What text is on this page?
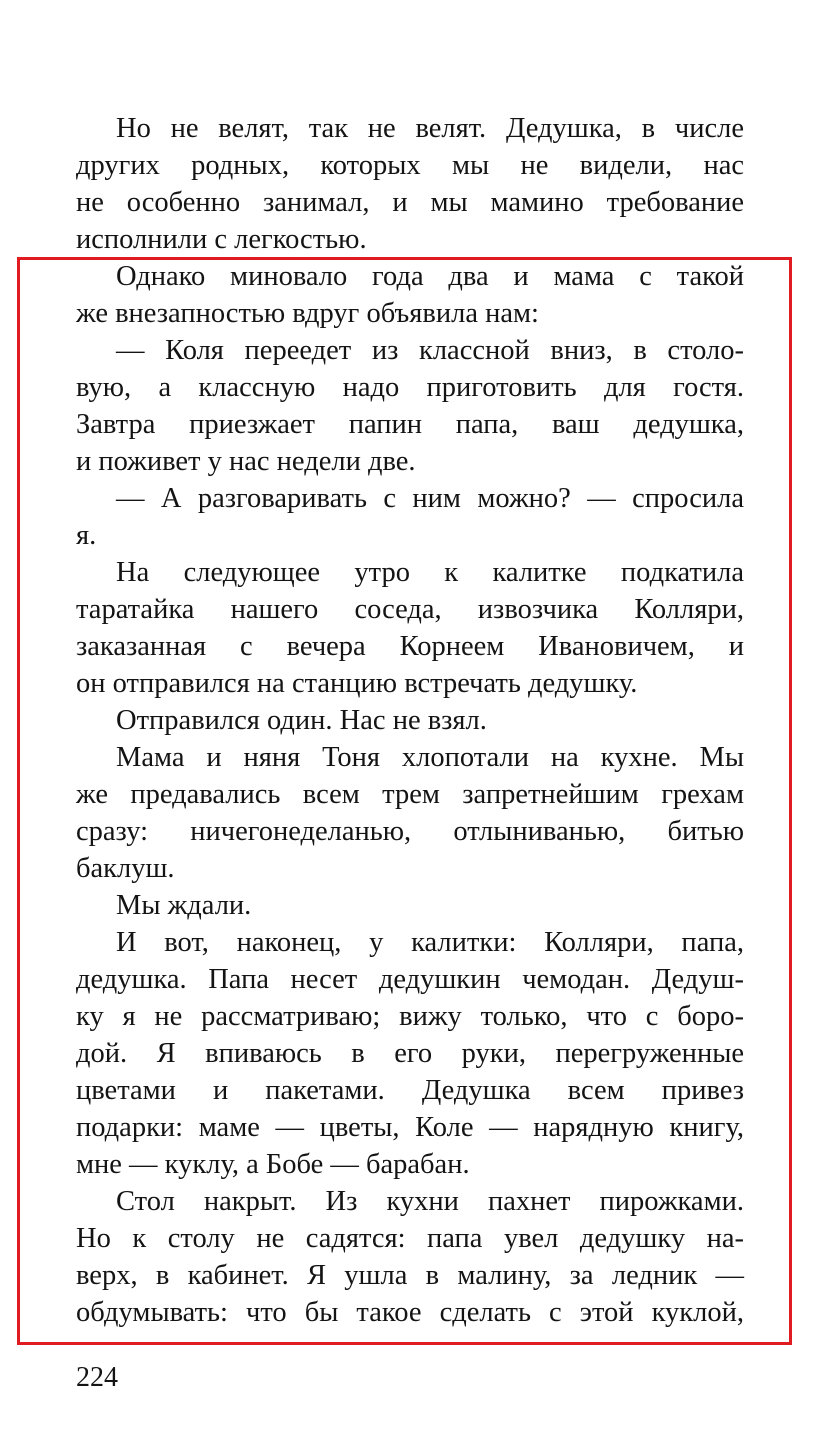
Но не велят, так не велят. Дедушка, в числе
других родных, которых мы не видели, нас
не особенно занимал, и мы мамино требование
исполнили с легкостью.
Однако миновало года два и мама с такой
же внезапностью вдруг объявила нам:
— Коля переедет из классной вниз, в столо-
вую, а классную надо приготовить для гостя.
Завтра приезжает папин папа, ваш дедушка,
и поживет у нас недели две.
— А разговаривать с ним можно? — спросила
я.
На следующее утро к калитке подкатила
таратайка нашего соседа, извозчика Колляри,
заказанная с вечера Корнеем Ивановичем, и
он отправился на станцию встречать дедушку.
Отправился один. Нас не взял.
Мама и няня Тоня хлопотали на кухне. Мы
же предавались всем трем запретнейшим грехам
сразу: ничегонеделанью, отлыниванью, битью
баклуш.
Мы ждали.
И вот, наконец, у калитки: Колляри, папа,
дедушка. Папа несет дедушкин чемодан. Дедуш-
ку я не рассматриваю; вижу только, что с боро-
дой. Я впиваюсь в его руки, перегруженные
цветами и пакетами. Дедушка всем привез
подарки: маме — цветы, Коле — нарядную книгу,
мне — куклу, а Бобе — барабан.
Стол накрыт. Из кухни пахнет пирожками.
Но к столу не садятся: папа увел дедушку на-
верх, в кабинет. Я ушла в малину, за ледник —
обдумывать: что бы такое сделать с этой куклой,
224
